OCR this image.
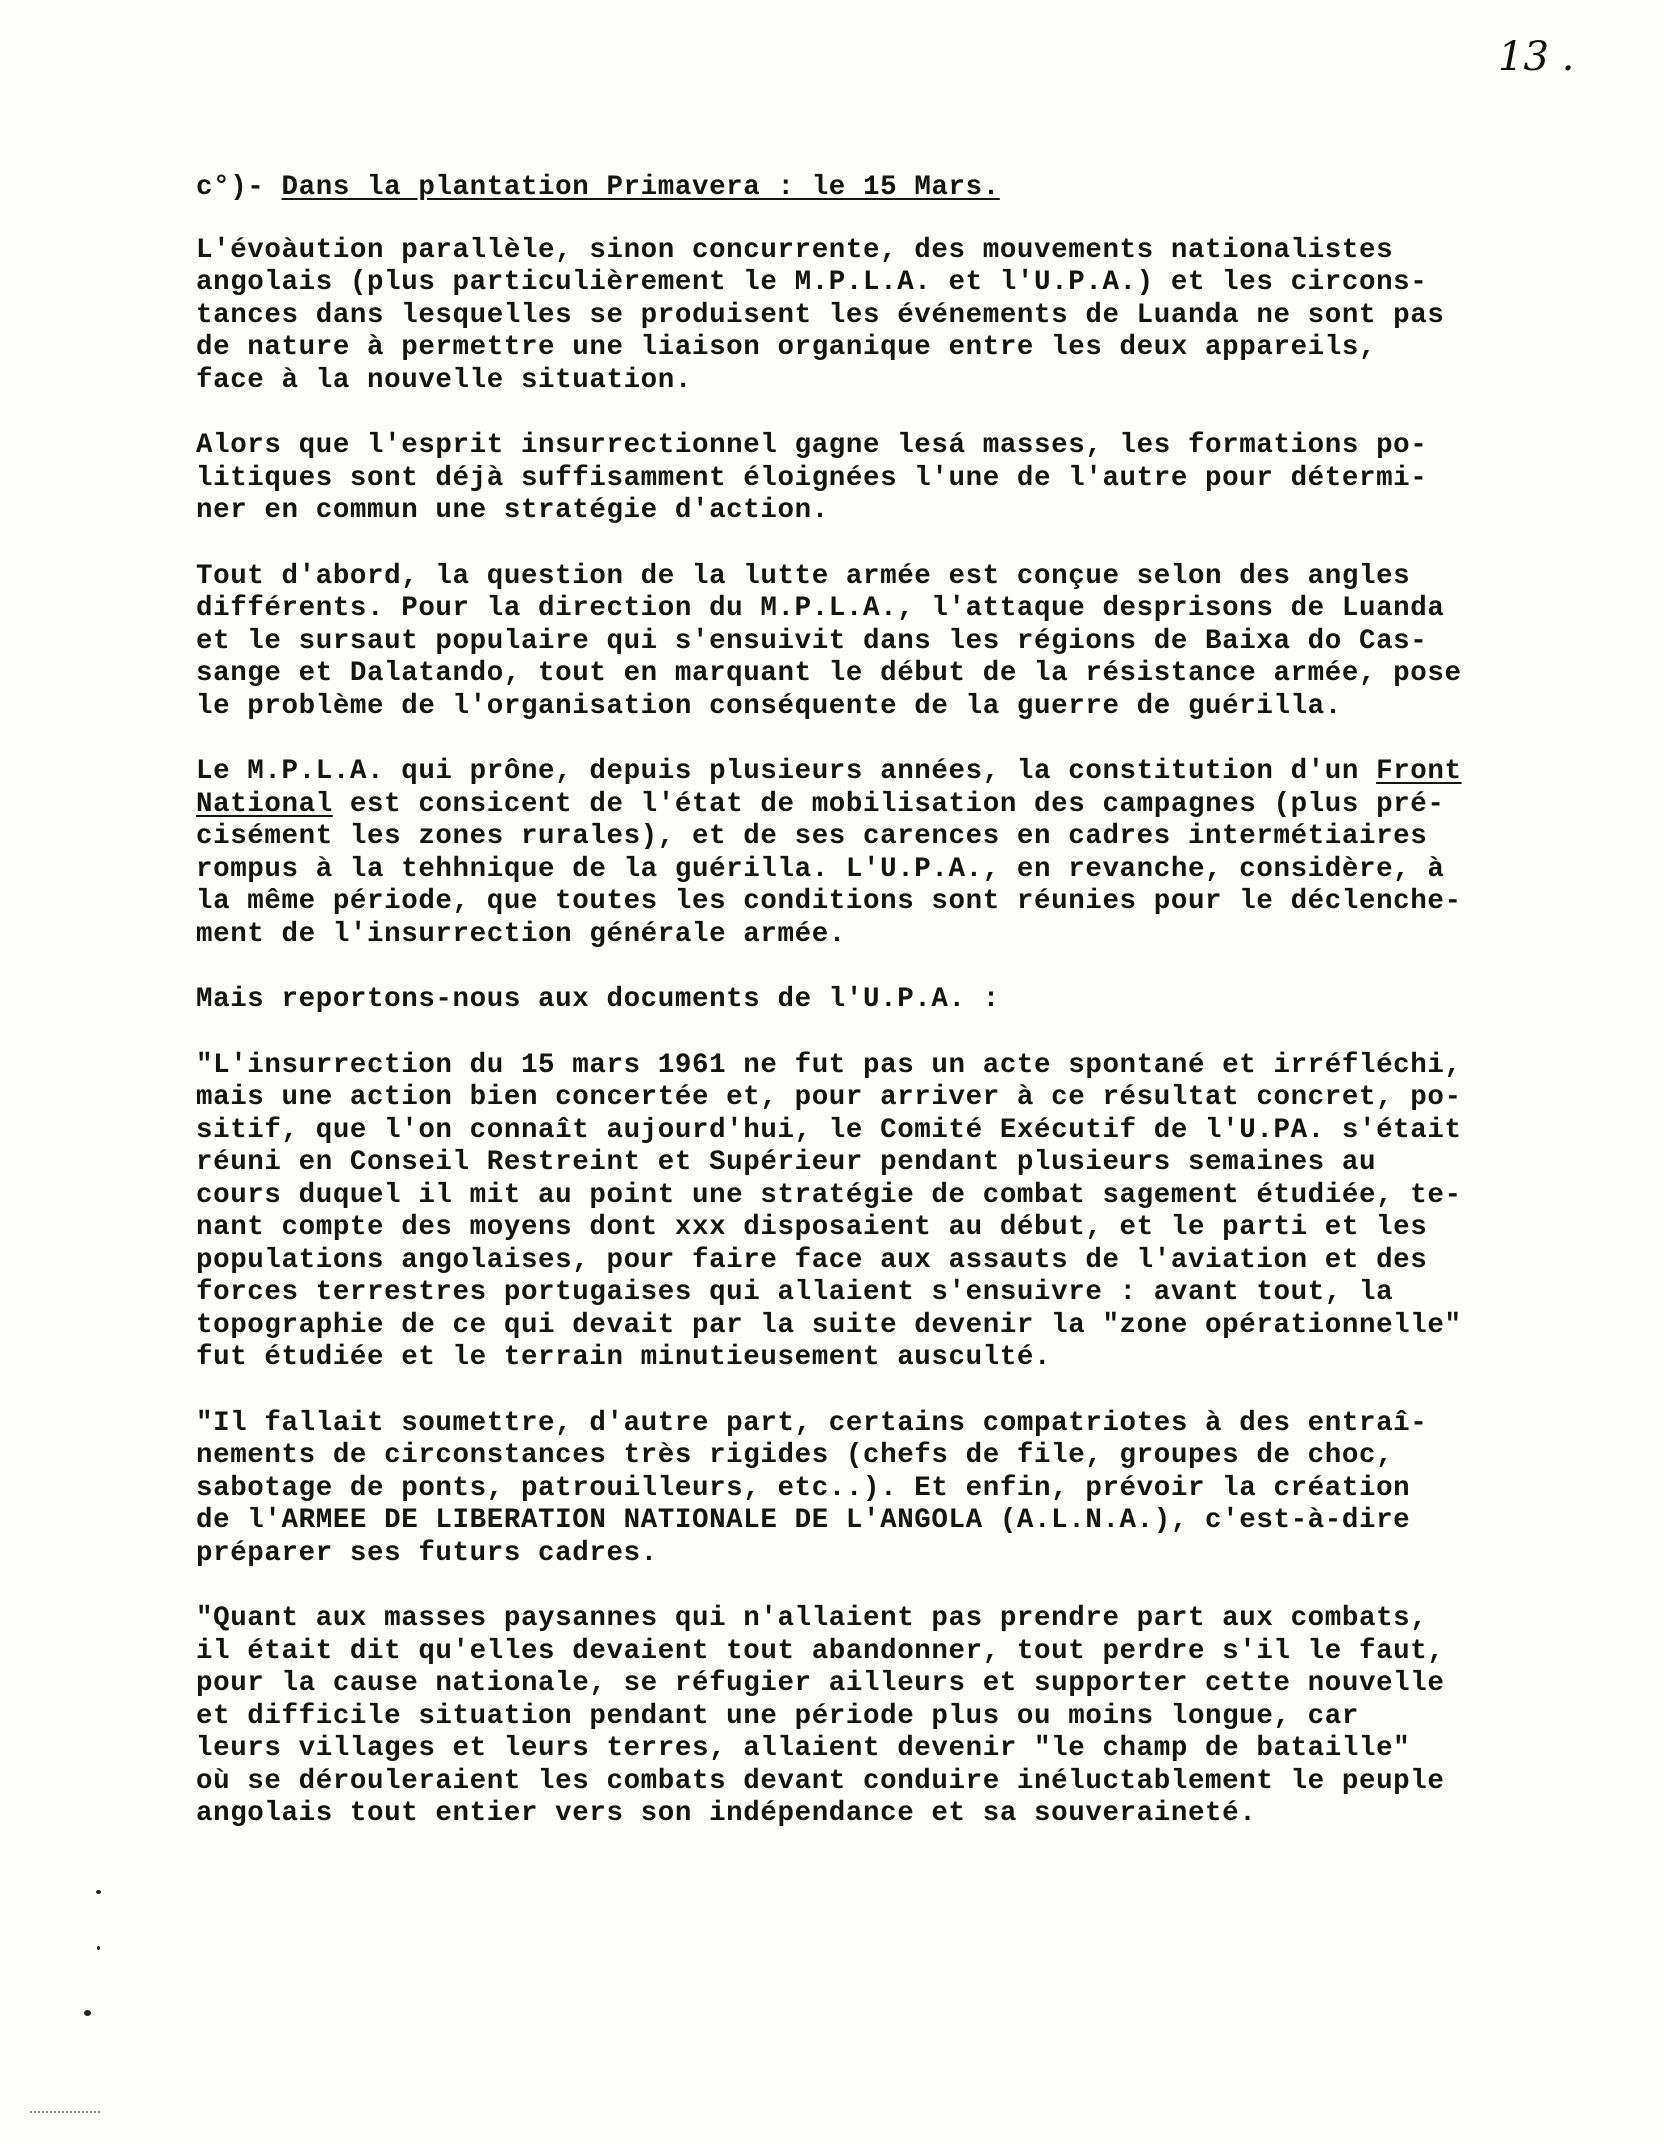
13 .
c°)- Dans la plantation Primavera : le 15 Mars.
L'évoàution parallèle, sinon concurrente, des mouvements nationalistes
angolais (plus particulièrement le M.P.L.A. et l'U.P.A.) et les circons-
tances dans lesquelles se produisent les événements de Luanda ne sont pas
de nature à permettre une liaison organique entre les deux appareils,
face à la nouvelle situation.
Alors que l'esprit insurrectionnel gagne lesá masses, les formations po-
litiques sont déjà suffisamment éloignées l'une de l'autre pour détermi-
ner en commun une stratégie d'action.
Tout d'abord, la question de la lutte armée est conçue selon des angles
différents. Pour la direction du M.P.L.A., l'attaque desprisons de Luanda
et le sursaut populaire qui s'ensuivit dans les régions de Baixa do Cas-
sange et Dalatando, tout en marquant le début de la résistance armée, pose
le problème de l'organisation conséquente de la guerre de guérilla.
Le M.P.L.A. qui prône, depuis plusieurs années, la constitution d'un Front
National est consicent de l'état de mobilisation des campagnes (plus pré-
cisément les zones rurales), et de ses carences en cadres intermétiaires
rompus à la tehhnique de la guérilla. L'U.P.A., en revanche, considère, à
la même période, que toutes les conditions sont réunies pour le déclenche-
ment de l'insurrection générale armée.
Mais reportons-nous aux documents de l'U.P.A. :
"L'insurrection du 15 mars 1961 ne fut pas un acte spontané et irréfléchi,
mais une action bien concertée et, pour arriver à ce résultat concret, po-
sitif, que l'on connaît aujourd'hui, le Comité Exécutif de l'U.PA. s'était
réuni en Conseil Restreint et Supérieur pendant plusieurs semaines au
cours duquel il mit au point une stratégie de combat sagement étudiée, te-
nant compte des moyens dont xxx disposaient au début, et le parti et les
populations angolaises, pour faire face aux assauts de l'aviation et des
forces terrestres portugaises qui allaient s'ensuivre : avant tout, la
topographie de ce qui devait par la suite devenir la "zone opérationnelle"
fut étudiée et le terrain minutieusement ausculté.
"Il fallait soumettre, d'autre part, certains compatriotes à des entraî-
nements de circonstances très rigides (chefs de file, groupes de choc,
sabotage de ponts, patrouilleurs, etc..). Et enfin, prévoir la création
de l'ARMEE DE LIBERATION NATIONALE DE L'ANGOLA (A.L.N.A.), c'est-à-dire
préparer ses futurs cadres.
"Quant aux masses paysannes qui n'allaient pas prendre part aux combats,
il était dit qu'elles devaient tout abandonner, tout perdre s'il le faut,
pour la cause nationale, se réfugier ailleurs et supporter cette nouvelle
et difficile situation pendant une période plus ou moins longue, car
leurs villages et leurs terres, allaient devenir "le champ de bataille"
où se dérouleraient les combats devant conduire inéluctablement le peuple
angolais tout entier vers son indépendance et sa souveraineté.
